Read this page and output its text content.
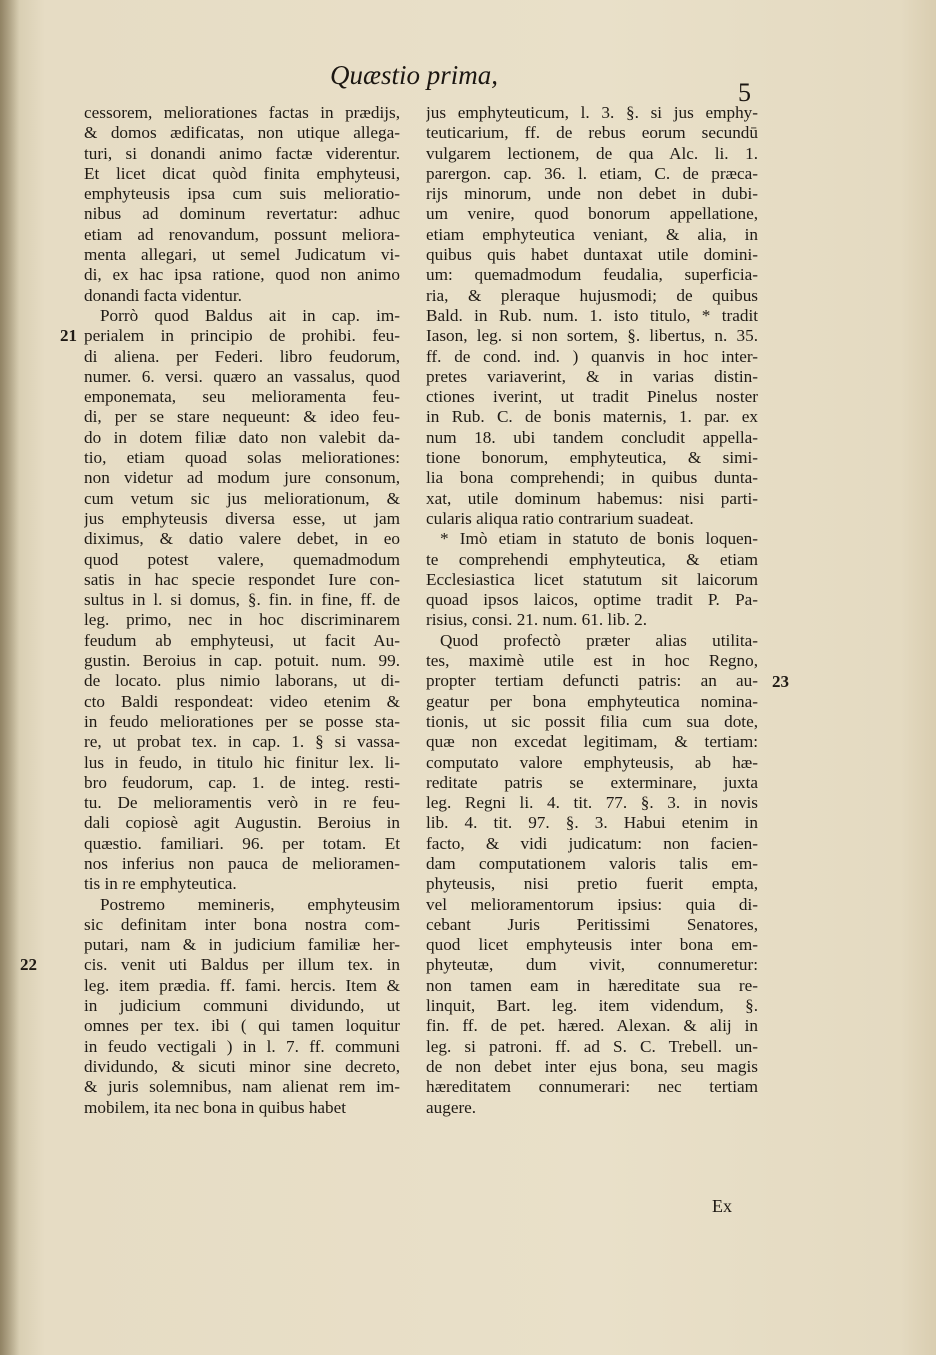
Quæstio prima,
5
cessorem, meliorationes factas in prædijs,
& domos ædificatas, non utique allega-
turi, si donandi animo factæ viderentur.
Et licet dicat quòd finita emphyteusi,
emphyteusis ipsa cum suis melioratio-
nibus ad dominum revertatur: adhuc
etiam ad renovandum, possunt meliora-
menta allegari, ut semel Judicatum vi-
di, ex hac ipsa ratione, quod non animo
donandi facta videntur.
Porrò quod Baldus ait in cap. im-
perialem in principio de prohibi. feu-
di aliena. per Federi. libro feudorum,
numer. 6. versi. quæro an vassalus, quod
emponemata, seu melioramenta feu-
di, per se stare nequeunt: & ideo feu-
do in dotem filiæ dato non valebit da-
tio, etiam quoad solas meliorationes:
non videtur ad modum jure consonum,
cum vetum sic jus meliorationum, &
jus emphyteusis diversa esse, ut jam
diximus, & datio valere debet, in eo
quod potest valere, quemadmodum
satis in hac specie respondet Iure con-
sultus in l. si domus, §. fin. in fine, ff. de
leg. primo, nec in hoc discriminarem
feudum ab emphyteusi, ut facit Au-
gustin. Beroius in cap. potuit. num. 99.
de locato. plus nimio laborans, ut di-
cto Baldi respondeat: video etenim &
in feudo meliorationes per se posse sta-
re, ut probat tex. in cap. 1. § si vassa-
lus in feudo, in titulo hic finitur lex. li-
bro feudorum, cap. 1. de integ. resti-
tu. De melioramentis verò in re feu-
dali copiosè agit Augustin. Beroius in
quæstio. familiari. 96. per totam. Et
nos inferius non pauca de melioramen-
tis in re emphyteutica.
Postremo memineris, emphyteusim
sic definitam inter bona nostra com-
putari, nam & in judicium familiæ her-
cis. venit uti Baldus per illum tex. in
leg. item prædia. ff. fami. hercis. Item &
in judicium communi dividundo, ut
omnes per tex. ibi ( qui tamen loquitur
in feudo vectigali ) in l. 7. ff. communi
dividundo, & sicuti minor sine decreto,
& juris solemnibus, nam alienat rem im-
mobilem, ita nec bona in quibus habet
jus emphyteuticum, l. 3. §. si jus emphy-
teuticarium, ff. de rebus eorum secundū
vulgarem lectionem, de qua Alc. li. 1.
parergon. cap. 36. l. etiam, C. de præca-
rijs minorum, unde non debet in dubi-
um venire, quod bonorum appellatione,
etiam emphyteutica veniant, & alia, in
quibus quis habet duntaxat utile domini-
um: quemadmodum feudalia, superficia-
ria, & pleraque hujusmodi; de quibus
Bald. in Rub. num. 1. isto titulo, * tradit
Iason, leg. si non sortem, §. libertus, n. 35.
ff. de cond. ind. ) quanvis in hoc inter-
pretes variaverint, & in varias distin-
ctiones iverint, ut tradit Pinelus noster
in Rub. C. de bonis maternis, 1. par. ex
num 18. ubi tandem concludit appella-
tione bonorum, emphyteutica, & simi-
lia bona comprehendi; in quibus dunta-
xat, utile dominum habemus: nisi parti-
cularis aliqua ratio contrarium suadeat.
* Imò etiam in statuto de bonis loquen-
te comprehendi emphyteutica, & etiam
Ecclesiastica licet statutum sit laicorum
quoad ipsos laicos, optime tradit P. Pa-
risius, consi. 21. num. 61. lib. 2.
Quod profectò præter alias utilita-
tes, maximè utile est in hoc Regno,
propter tertiam defuncti patris: an au-
geatur per bona emphyteutica nomina-
tionis, ut sic possit filia cum sua dote,
quæ non excedat legitimam, & tertiam:
computato valore emphyteusis, ab hæ-
reditate patris se exterminare, juxta
leg. Regni li. 4. tit. 77. §. 3. in novis
lib. 4. tit. 97. §. 3. Habui etenim in
facto, & vidi judicatum: non facien-
dam computationem valoris talis em-
phyteusis, nisi pretio fuerit empta,
vel melioramentorum ipsius: quia di-
cebant Juris Peritissimi Senatores,
quod licet emphyteusis inter bona em-
phyteutæ, dum vivit, connumeretur:
non tamen eam in hæreditate sua re-
linquit, Bart. leg. item videndum, §.
fin. ff. de pet. hæred. Alexan. & alij in
leg. si patroni. ff. ad S. C. Trebell. un-
de non debet inter ejus bona, seu magis
hæreditatem connumerari: nec tertiam
augere.
21
22
23
Ex
